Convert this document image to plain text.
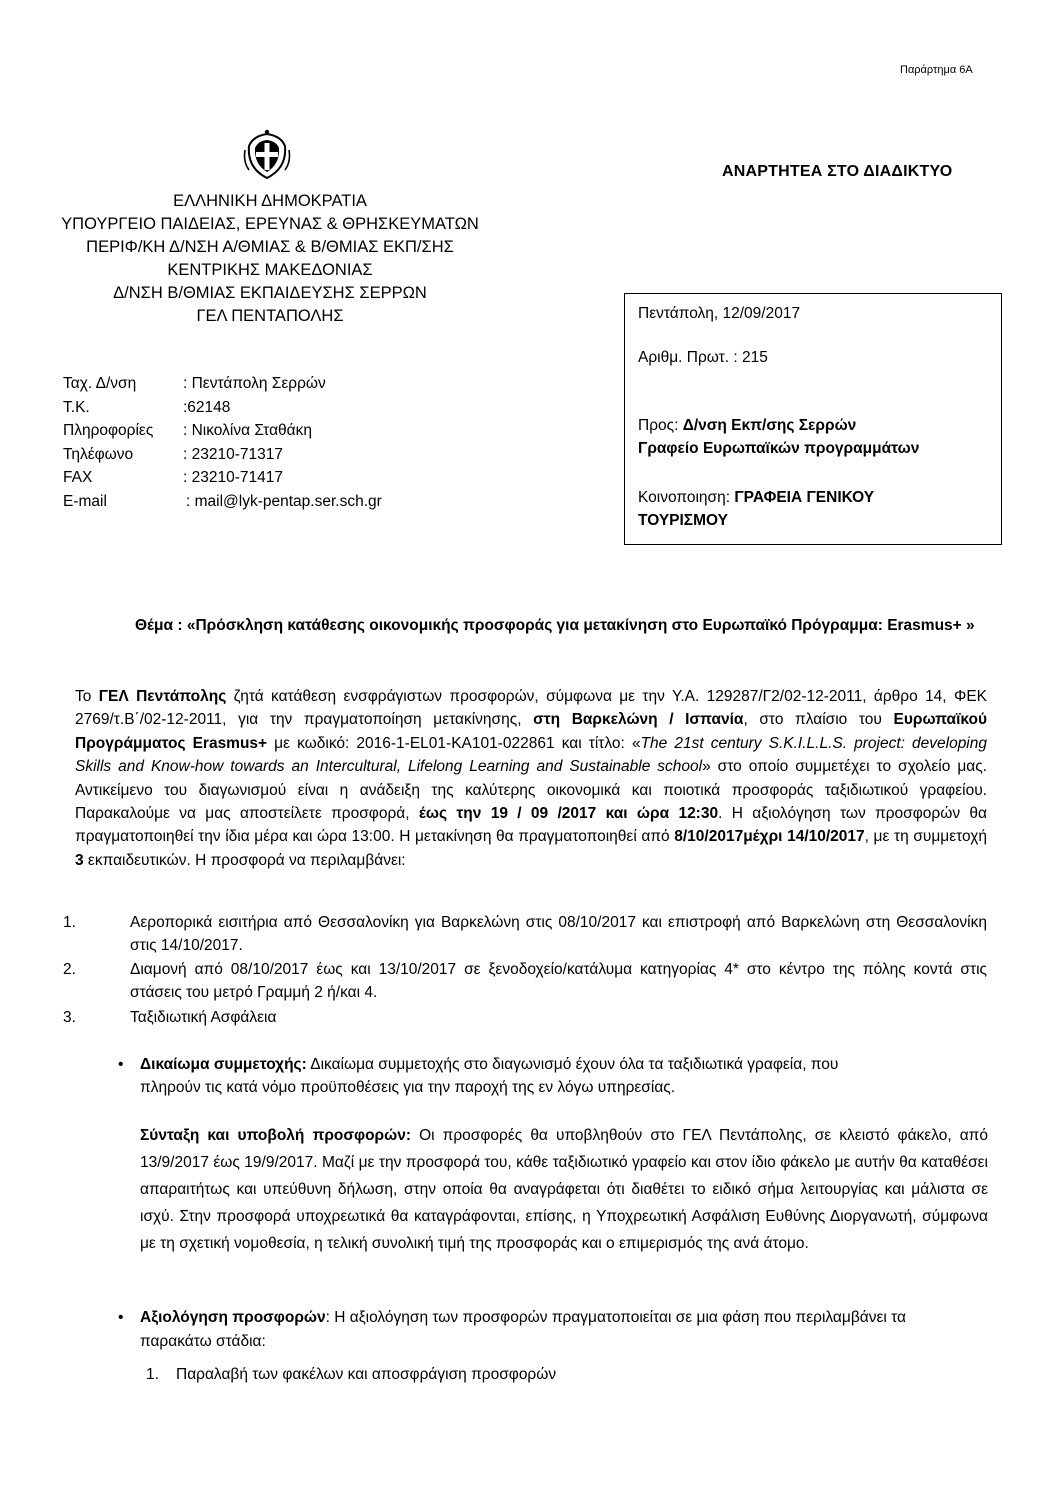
Παράρτημα 6Α
ΑΝΑΡΤΗΤΕΑ ΣΤΟ ΔΙΑΔΙΚΤΥΟ
ΕΛΛΗΝΙΚΗ ΔΗΜΟΚΡΑΤΙΑ
ΥΠΟΥΡΓΕΙΟ ΠΑΙΔΕΙΑΣ, ΕΡΕΥΝΑΣ & ΘΡΗΣΚΕΥΜΑΤΩΝ
ΠΕΡΙΦ/ΚΗ Δ/ΝΣΗ Α/ΘΜΙΑΣ & Β/ΘΜΙΑΣ ΕΚΠ/ΣΗΣ
ΚΕΝΤΡΙΚΗΣ ΜΑΚΕΔΟΝΙΑΣ
Δ/ΝΣΗ Β/ΘΜΙΑΣ ΕΚΠΑΙΔΕΥΣΗΣ ΣΕΡΡΩΝ
ΓΕΛ ΠΕΝΤΑΠΟΛΗΣ
Ταχ. Δ/νση	: Πεντάπολη Σερρών
Τ.Κ.	:62148
Πληροφορίες	: Νικολίνα Σταθάκη
Τηλέφωνο	: 23210-71317
FAX	: 23210-71417
E-mail	: mail@lyk-pentap.ser.sch.gr
Πεντάπολη, 12/09/2017
Αριθμ. Πρωτ. : 215
Προς: Δ/νση Εκπ/σης Σερρών
Γραφείο Ευρωπαϊκών προγραμμάτων
Κοινοποιηση: ΓΡΑΦΕΙΑ ΓΕΝΙΚΟΥ
ΤΟΥΡΙΣΜΟΥ
Θέμα : «Πρόσκληση κατάθεσης οικονομικής προσφοράς για μετακίνηση στο Ευρωπαϊκό Πρόγραμμα: Erasmus+ »
Το ΓΕΛ Πεντάπολης ζητά κατάθεση ενσφράγιστων προσφορών, σύμφωνα με την Υ.Α. 129287/Γ2/02-12-2011, άρθρο 14, ΦΕΚ 2769/τ.Β΄/02-12-2011, για την πραγματοποίηση μετακίνησης, στη Βαρκελώνη / Ισπανία, στο πλαίσιο του Ευρωπαϊκού Προγράμματος Erasmus+ με κωδικό: 2016-1-EL01-KA101-022861 και τίτλο: «The 21st century S.K.I.L.L.S. project: developing Skills and Know-how towards an Intercultural, Lifelong Learning and Sustainable school» στο οποίο συμμετέχει το σχολείο μας. Αντικείμενο του διαγωνισμού είναι η ανάδειξη της καλύτερης οικονομικά και ποιοτικά προσφοράς ταξιδιωτικού γραφείου. Παρακαλούμε να μας αποστείλετε προσφορά, έως την 19 / 09 /2017 και ώρα 12:30. Η αξιολόγηση των προσφορών θα πραγματοποιηθεί την ίδια μέρα και ώρα 13:00. Η μετακίνηση θα πραγματοποιηθεί από 8/10/2017μέχρι 14/10/2017, με τη συμμετοχή 3 εκπαιδευτικών. Η προσφορά να περιλαμβάνει:
1.	Αεροπορικά εισιτήρια από Θεσσαλονίκη για Βαρκελώνη στις 08/10/2017 και επιστροφή από Βαρκελώνη στη Θεσσαλονίκη στις 14/10/2017.
2.	Διαμονή από 08/10/2017 έως και 13/10/2017 σε ξενοδοχείο/κατάλυμα κατηγορίας 4* στο κέντρο της πόλης κοντά στις στάσεις του μετρό Γραμμή 2 ή/και 4.
3.	Ταξιδιωτική Ασφάλεια
• Δικαίωμα συμμετοχής: Δικαίωμα συμμετοχής στο διαγωνισμό έχουν όλα τα ταξιδιωτικά γραφεία, που πληρούν τις κατά νόμο προϋποθέσεις για την παροχή της εν λόγω υπηρεσίας.
Σύνταξη και υποβολή προσφορών: Οι προσφορές θα υποβληθούν στο ΓΕΛ Πεντάπολης, σε κλειστό φάκελο, από 13/9/2017 έως 19/9/2017. Μαζί με την προσφορά του, κάθε ταξιδιωτικό γραφείο και στον ίδιο φάκελο με αυτήν θα καταθέσει απαραιτήτως και υπεύθυνη δήλωση, στην οποία θα αναγράφεται ότι διαθέτει το ειδικό σήμα λειτουργίας και μάλιστα σε ισχύ. Στην προσφορά υποχρεωτικά θα καταγράφονται, επίσης, η Υποχρεωτική Ασφάλιση Ευθύνης Διοργανωτή, σύμφωνα με τη σχετική νομοθεσία, η τελική συνολική τιμή της προσφοράς και ο επιμερισμός της ανά άτομο.
• Αξιολόγηση προσφορών: Η αξιολόγηση των προσφορών πραγματοποιείται σε μια φάση που περιλαμβάνει τα παρακάτω στάδια:
1. Παραλαβή των φακέλων και αποσφράγιση προσφορών
